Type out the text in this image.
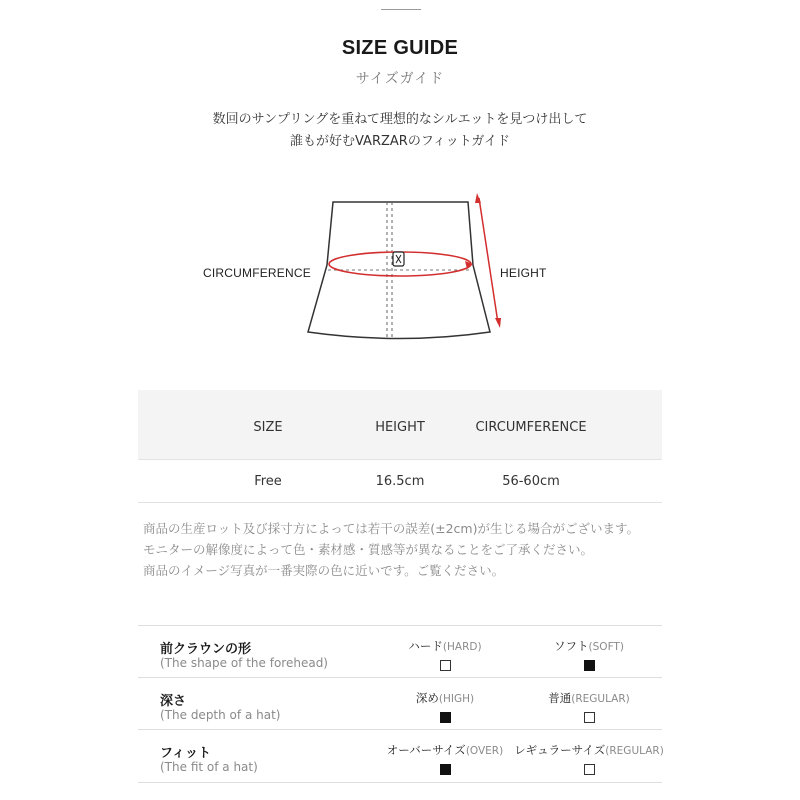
SIZE GUIDE
サイズガイド
数回のサンプリングを重ねて理想的なシルエットを見つけ出して
誰もが好むVARZARのフィットガイド
CIRCUMFERENCE	HEIGHT
SIZE	HEIGHT	CIRCUMFERENCE
Free	16.5cm	56-60cm
商品の生産ロット及び採寸方によっては若干の誤差(±2cm)が生じる場合がございます。
モニターの解像度によって色・素材感・質感等が異なることをご了承ください。
商品のイメージ写真が一番実際の色に近いです。ご覧ください。
前クラウンの形
(The shape of the forehead)
ハード(HARD)	ソフト(SOFT)
深さ
(The depth of a hat)
深め(HIGH)	普通(REGULAR)
フィット
(The fit of a hat)
オーバーサイズ(OVER) レギュラーサイズ(REGULAR)
